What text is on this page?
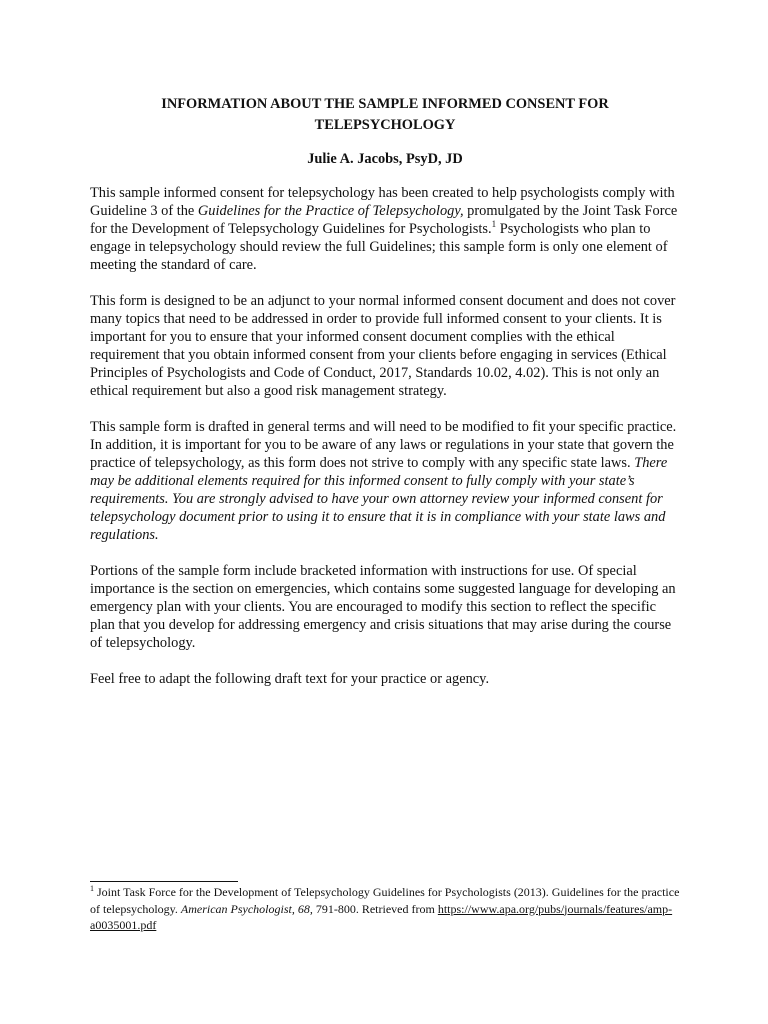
INFORMATION ABOUT THE SAMPLE INFORMED CONSENT FOR TELEPSYCHOLOGY

Julie A. Jacobs, PsyD, JD

This sample informed consent for telepsychology has been created to help psychologists comply with Guideline 3 of the Guidelines for the Practice of Telepsychology, promulgated by the Joint Task Force for the Development of Telepsychology Guidelines for Psychologists.$^1$ Psychologists who plan to engage in telepsychology should review the full Guidelines; this sample form is only one element of meeting the standard of care.

This form is designed to be an adjunct to your normal informed consent document and does not cover many topics that need to be addressed in order to provide full informed consent to your clients. It is important for you to ensure that your informed consent document complies with the ethical requirement that you obtain informed consent from your clients before engaging in services (Ethical Principles of Psychologists and Code of Conduct, 2017, Standards 10.02, 4.02). This is not only an ethical requirement but also a good risk management strategy.

This sample form is drafted in general terms and will need to be modified to fit your specific practice. In addition, it is important for you to be aware of any laws or regulations in your state that govern the practice of telepsychology, as this form does not strive to comply with any specific state laws. There may be additional elements required for this informed consent to fully comply with your state’s requirements. You are strongly advised to have your own attorney review your informed consent for telepsychology document prior to using it to ensure that it is in compliance with your state laws and regulations.

Portions of the sample form include bracketed information with instructions for use. Of special importance is the section on emergencies, which contains some suggested language for developing an emergency plan with your clients. You are encouraged to modify this section to reflect the specific plan that you develop for addressing emergency and crisis situations that may arise during the course of telepsychology.

Feel free to adapt the following draft text for your practice or agency.

$^1$ Joint Task Force for the Development of Telepsychology Guidelines for Psychologists (2013). Guidelines for the practice of telepsychology. American Psychologist, 68, 791-800. Retrieved from https://www.apa.org/pubs/journals/features/amp-a0035001.pdf
